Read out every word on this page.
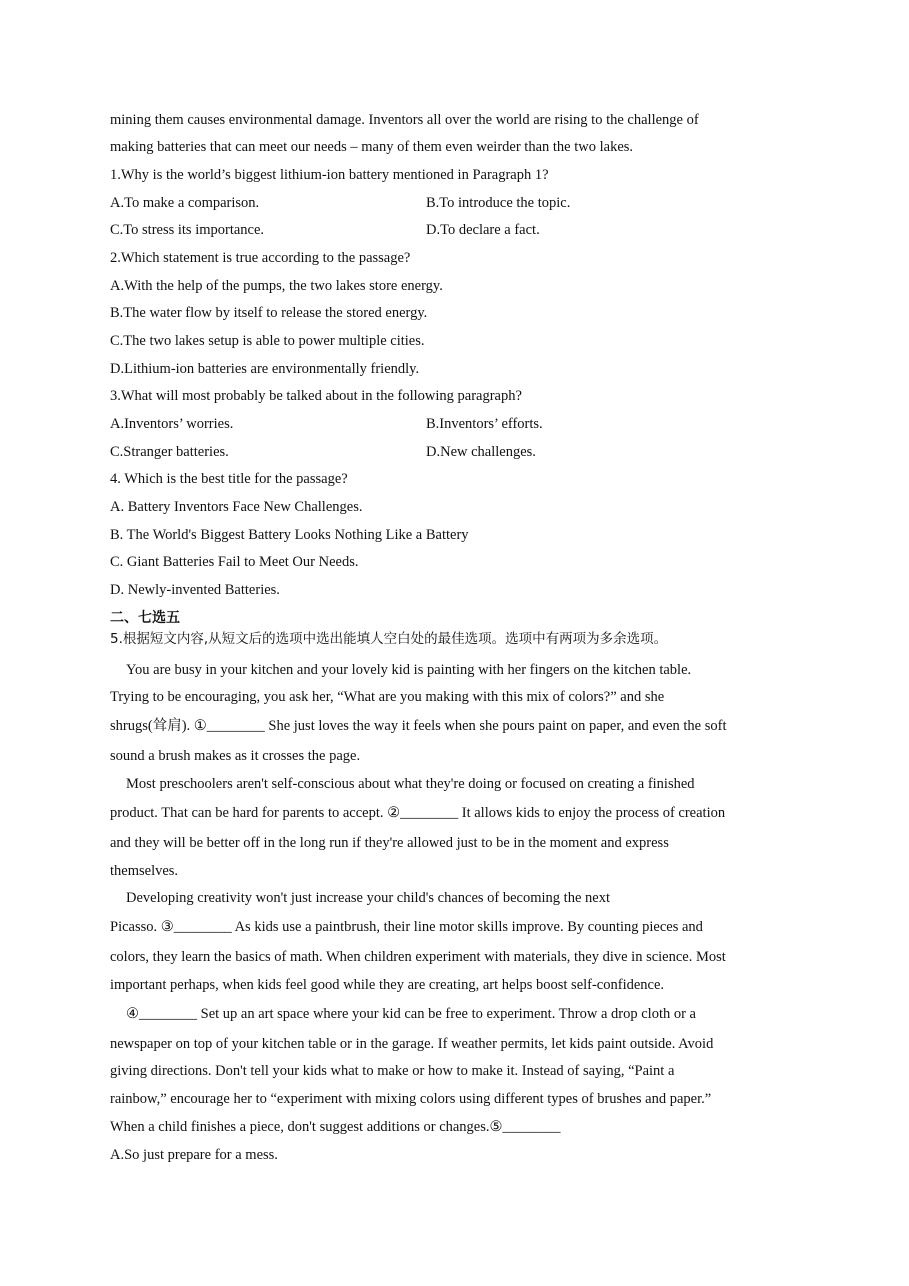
mining them causes environmental damage. Inventors all over the world are rising to the challenge of
making batteries that can meet our needs – many of them even weirder than the two lakes.
1.Why is the world’s biggest lithium-ion battery mentioned in Paragraph 1?
A.To make a comparison.	B.To introduce the topic.
C.To stress its importance.	D.To declare a fact.
2.Which statement is true according to the passage?
A.With the help of the pumps, the two lakes store energy.
B.The water flow by itself to release the stored energy.
C.The two lakes setup is able to power multiple cities.
D.Lithium-ion batteries are environmentally friendly.
3.What will most probably be talked about in the following paragraph?
A.Inventors’ worries.	B.Inventors’ efforts.
C.Stranger batteries.	D.New challenges.
4. Which is the best title for the passage?
A. Battery Inventors Face New Challenges.
B. The World's Biggest Battery Looks Nothing Like a Battery
C. Giant Batteries Fail to Meet Our Needs.
D. Newly-invented Batteries.
二、七选五
5.根据短文内容,从短文后的选项中选出能填人空白处的最佳选项。选项中有两项为多余选项。
You are busy in your kitchen and your lovely kid is painting with her fingers on the kitchen table.
Trying to be encouraging, you ask her, “What are you making with this mix of colors?” and she
shrugs(耸肩). ①________ She just loves the way it feels when she pours paint on paper, and even the soft
sound a brush makes as it crosses the page.
Most preschoolers aren't self-conscious about what they're doing or focused on creating a finished
product. That can be hard for parents to accept. ②________ It allows kids to enjoy the process of creation
and they will be better off in the long run if they're allowed just to be in the moment and express
themselves.
Developing creativity won't just increase your child's chances of becoming the next
Picasso. ③________ As kids use a paintbrush, their line motor skills improve. By counting pieces and
colors, they learn the basics of math. When children experiment with materials, they dive in science. Most
important perhaps, when kids feel good while they are creating, art helps boost self-confidence.
④________ Set up an art space where your kid can be free to experiment. Throw a drop cloth or a
newspaper on top of your kitchen table or in the garage. If weather permits, let kids paint outside. Avoid
giving directions. Don't tell your kids what to make or how to make it. Instead of saying, “Paint a
rainbow,” encourage her to “experiment with mixing colors using different types of brushes and paper.”
When a child finishes a piece, don't suggest additions or changes.⑤________
A.So just prepare for a mess.
